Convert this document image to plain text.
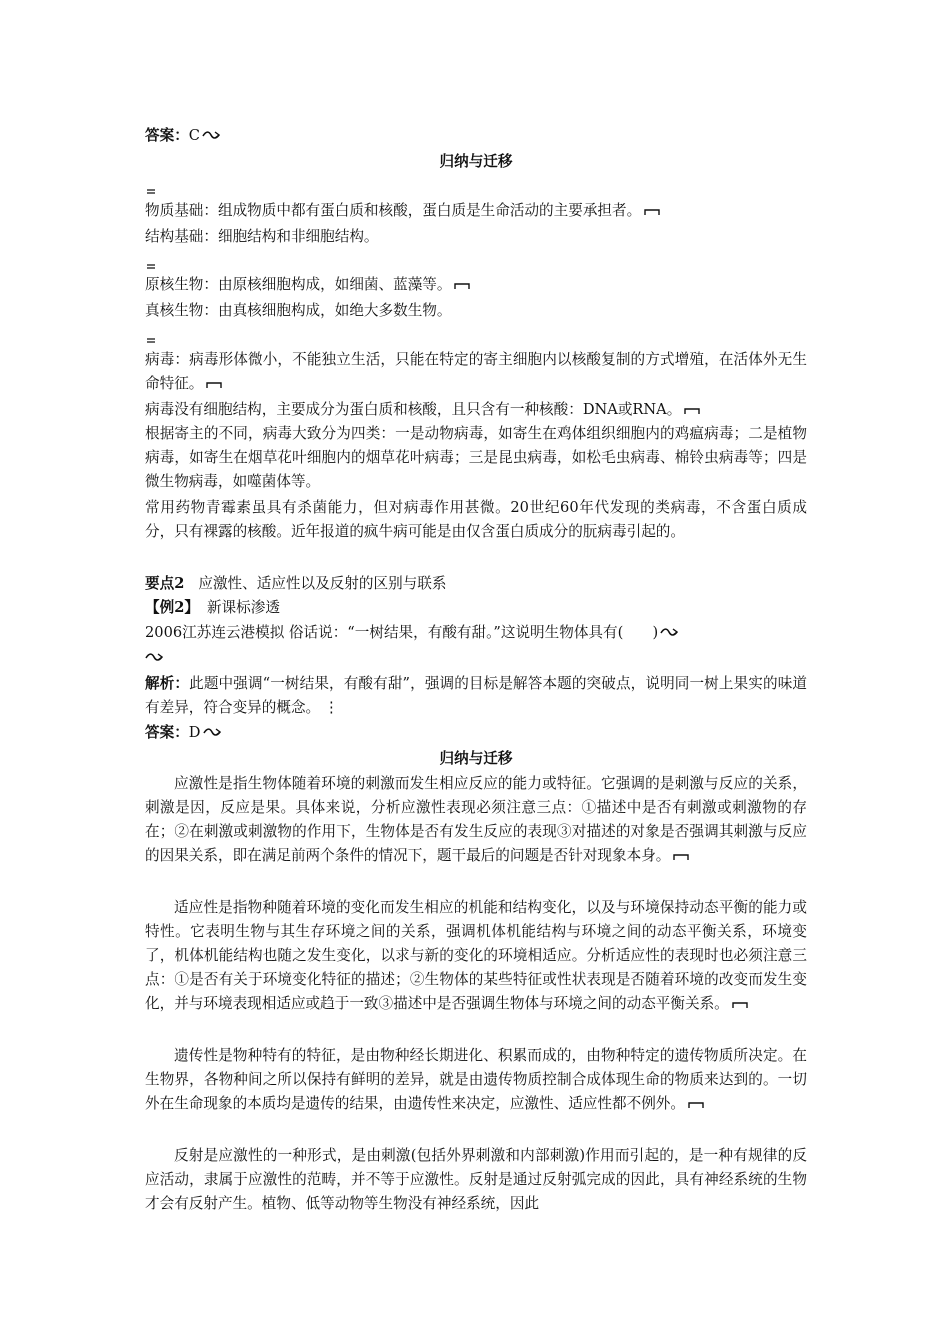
答案：C
归纳与迁移
物质基础：组成物质中都有蛋白质和核酸，蛋白质是生命活动的主要承担者。
结构基础：细胞结构和非细胞结构。
原核生物：由原核细胞构成，如细菌、蓝藻等。
真核生物：由真核细胞构成，如绝大多数生物。
病毒：病毒形体微小，不能独立生活，只能在特定的寄主细胞内以核酸复制的方式增殖，在活体外无生命特征。
病毒没有细胞结构，主要成分为蛋白质和核酸，且只含有一种核酸：DNA或RNA。
根据寄主的不同，病毒大致分为四类：一是动物病毒，如寄生在鸡体组织细胞内的鸡瘟病毒；二是植物病毒，如寄生在烟草花叶细胞内的烟草花叶病毒；三是昆虫病毒，如松毛虫病毒、棉铃虫病毒等；四是微生物病毒，如噬菌体等。
常用药物青霉素虽具有杀菌能力，但对病毒作用甚微。20世纪60年代发现的类病毒，不含蛋白质成分，只有裸露的核酸。近年报道的疯牛病可能是由仅含蛋白质成分的朊病毒引起的。
要点2 应激性、适应性以及反射的区别与联系
【例2】 新课标渗透
2006江苏连云港模拟 俗话说：“一树结果，有酸有甜。”这说明生物体具有(　　)
解析：此题中强调“一树结果，有酸有甜”，强调的目标是解答本题的突破点，说明同一树上果实的味道有差异，符合变异的概念。 ⋮
答案：D
归纳与迁移
应激性是指生物体随着环境的刺激而发生相应反应的能力或特征。它强调的是刺激与反应的关系，刺激是因，反应是果。具体来说，分析应激性表现必须注意三点：①描述中是否有刺激或刺激物的存在；②在刺激或刺激物的作用下，生物体是否有发生反应的表现③对描述的对象是否强调其刺激与反应的因果关系，即在满足前两个条件的情况下，题干最后的问题是否针对现象本身。
适应性是指物种随着环境的变化而发生相应的机能和结构变化，以及与环境保持动态平衡的能力或特性。它表明生物与其生存环境之间的关系，强调机体机能结构与环境之间的动态平衡关系，环境变了，机体机能结构也随之发生变化，以求与新的变化的环境相适应。分析适应性的表现时也必须注意三点：①是否有关于环境变化特征的描述；②生物体的某些特征或性状表现是否随着环境的改变而发生变化，并与环境表现相适应或趋于一致③描述中是否强调生物体与环境之间的动态平衡关系。
遗传性是物种特有的特征，是由物种经长期进化、积累而成的，由物种特定的遗传物质所决定。在生物界，各物种间之所以保持有鲜明的差异，就是由遗传物质控制合成体现生命的物质来达到的。一切外在生命现象的本质均是遗传的结果，由遗传性来决定，应激性、适应性都不例外。
反射是应激性的一种形式，是由刺激(包括外界刺激和内部刺激)作用而引起的，是一种有规律的反应活动，隶属于应激性的范畴，并不等于应激性。反射是通过反射弧完成的因此，具有神经系统的生物才会有反射产生。植物、低等动物等生物没有神经系统，因此
